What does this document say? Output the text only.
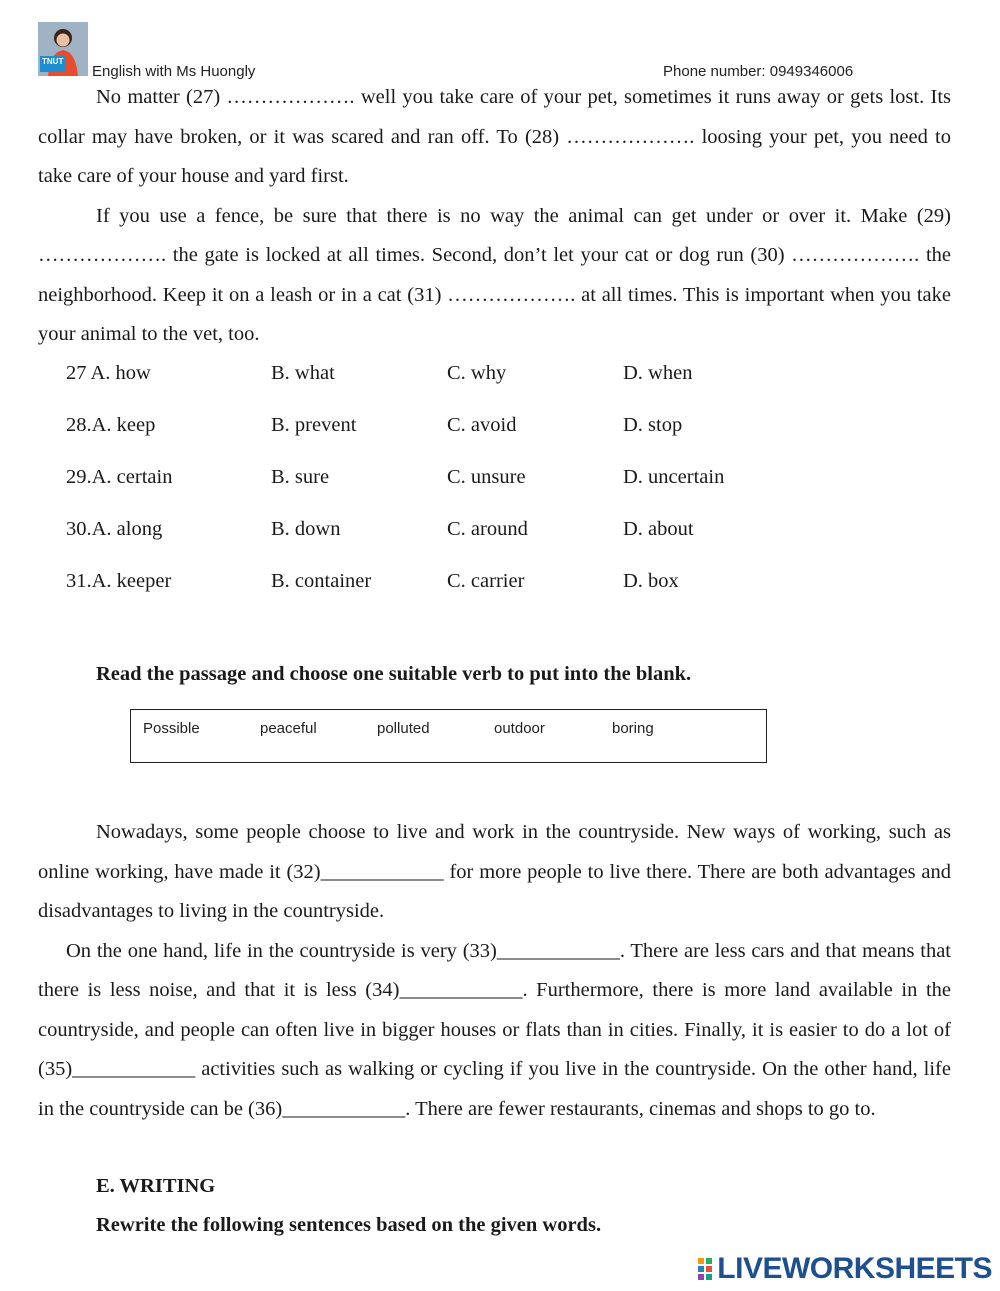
TNUT
English with Ms Huongly	Phone number: 0949346006

No matter (27) ………………. well you take care of your pet, sometimes it runs away or gets lost. Its collar may have broken, or it was scared and ran off. To (28) ………………. loosing your pet, you need to take care of your house and yard first.

If you use a fence, be sure that there is no way the animal can get under or over it. Make (29) ………………. the gate is locked at all times. Second, don’t let your cat or dog run (30) ………………. the neighborhood. Keep it on a leash or in a cat (31) ………………. at all times. This is important when you take your animal to the vet, too.

27 A. how	B. what	C. why	D. when
28.A. keep	B. prevent	C. avoid	D. stop
29.A. certain	B. sure	C. unsure	D. uncertain
30.A. along	B. down	C. around	D. about
31.A. keeper	B. container	C. carrier	D. box
Read the passage and choose one suitable verb to put into the blank.
Possible	peaceful	polluted	outdoor	boring

Nowadays, some people choose to live and work in the countryside. New ways of working, such as online working, have made it (32)____________ for more people to live there. There are both advantages and disadvantages to living in the countryside.

On the one hand, life in the countryside is very (33)____________. There are less cars and that means that there is less noise, and that it is less (34)____________. Furthermore, there is more land available in the countryside, and people can often live in bigger houses or flats than in cities. Finally, it is easier to do a lot of (35)____________ activities such as walking or cycling if you live in the countryside. On the other hand, life in the countryside can be (36)____________. There are fewer restaurants, cinemas and shops to go to.

E. WRITING
Rewrite the following sentences based on the given words.
LIVEWORKSHEETS
